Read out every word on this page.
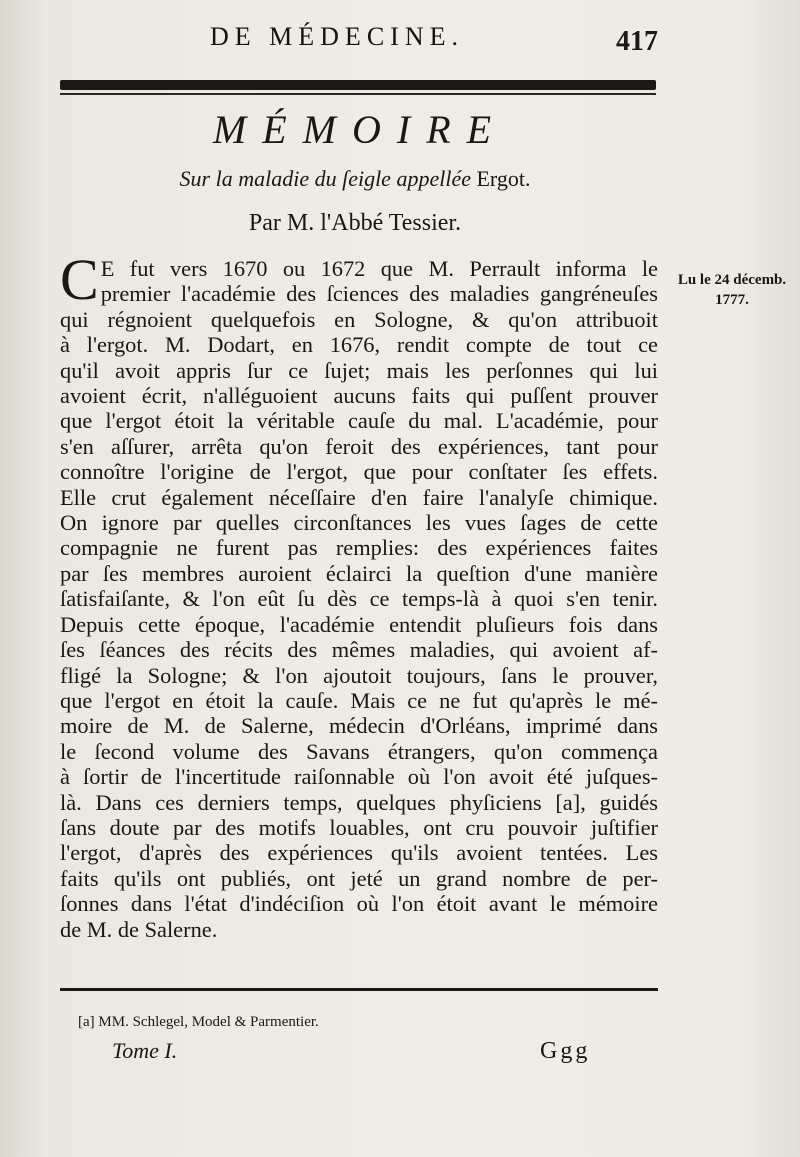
DE MÉDECINE.	417
MÉMOIRE
Sur la maladie du ſeigle appellée Ergot.
Par M. l'Abbé Tessier.
Lu le 24 décemb.
1777.
C E fut vers 1670 ou 1672 que M. Perrault informa le
premier l'académie des ſciences des maladies gangréneuſes
qui régnoient quelquefois en Sologne, & qu'on attribuoit
à l'ergot. M. Dodart, en 1676, rendit compte de tout ce
qu'il avoit appris ſur ce ſujet; mais les perſonnes qui lui
avoient écrit, n'alléguoient aucuns faits qui puſſent prouver
que l'ergot étoit la véritable cauſe du mal. L'académie, pour
s'en aſſurer, arrêta qu'on feroit des expériences, tant pour
connoître l'origine de l'ergot, que pour conſtater ſes effets.
Elle crut également néceſſaire d'en faire l'analyſe chimique.
On ignore par quelles circonſtances les vues ſages de cette
compagnie ne furent pas remplies: des expériences faites
par ſes membres auroient éclairci la queſtion d'une manière
ſatisfaiſante, & l'on eût ſu dès ce temps-là à quoi s'en tenir.
Depuis cette époque, l'académie entendit pluſieurs fois dans
ſes ſéances des récits des mêmes maladies, qui avoient af-
fligé la Sologne; & l'on ajoutoit toujours, ſans le prouver,
que l'ergot en étoit la cauſe. Mais ce ne fut qu'après le mé-
moire de M. de Salerne, médecin d'Orléans, imprimé dans
le ſecond volume des Savans étrangers, qu'on commença
à ſortir de l'incertitude raiſonnable où l'on avoit été juſques-
là. Dans ces derniers temps, quelques phyſiciens [a], guidés
ſans doute par des motifs louables, ont cru pouvoir juſtifier
l'ergot, d'après des expériences qu'ils avoient tentées. Les
faits qu'ils ont publiés, ont jeté un grand nombre de per-
ſonnes dans l'état d'indéciſion où l'on étoit avant le mémoire
de M. de Salerne.
[a] MM. Schlegel, Model & Parmentier.
Tome I.	Ggg
